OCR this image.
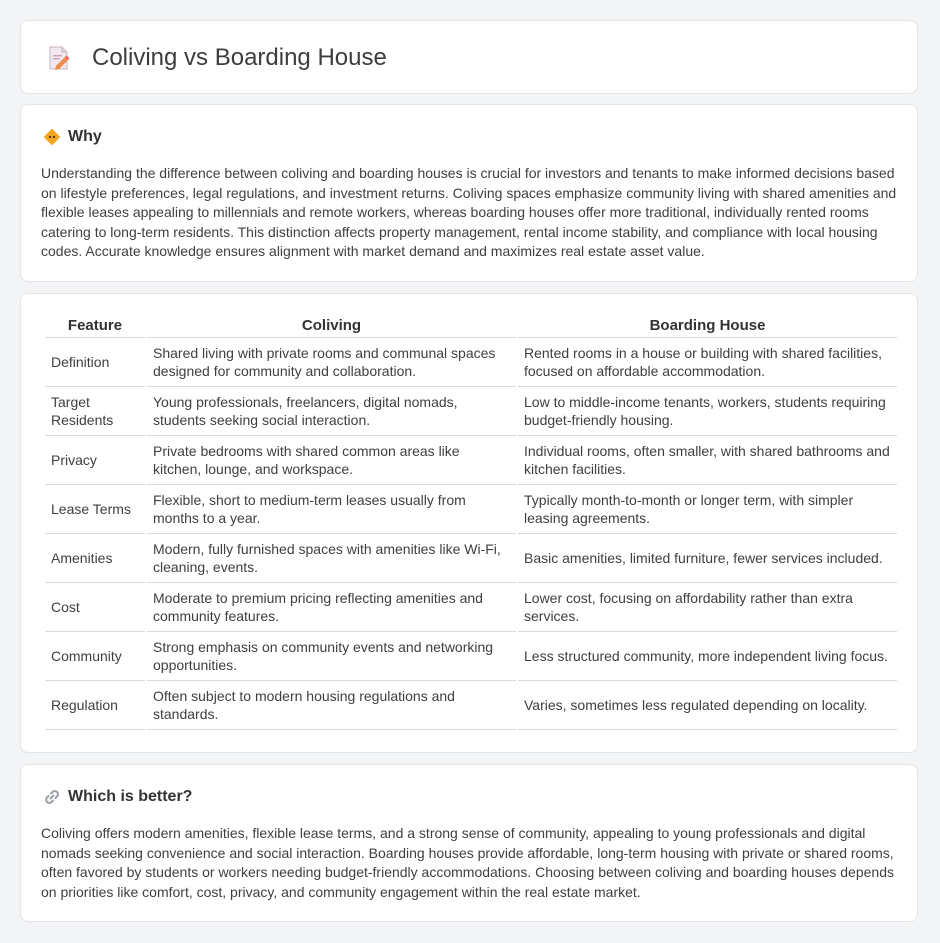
Coliving vs Boarding House
Why
Understanding the difference between coliving and boarding houses is crucial for investors and tenants to make informed decisions based on lifestyle preferences, legal regulations, and investment returns. Coliving spaces emphasize community living with shared amenities and flexible leases appealing to millennials and remote workers, whereas boarding houses offer more traditional, individually rented rooms catering to long-term residents. This distinction affects property management, rental income stability, and compliance with local housing codes. Accurate knowledge ensures alignment with market demand and maximizes real estate asset value.
Feature	Coliving	Boarding House
Definition	Shared living with private rooms and communal spaces designed for community and collaboration.	Rented rooms in a house or building with shared facilities, focused on affordable accommodation.
Target Residents	Young professionals, freelancers, digital nomads, students seeking social interaction.	Low to middle-income tenants, workers, students requiring budget-friendly housing.
Privacy	Private bedrooms with shared common areas like kitchen, lounge, and workspace.	Individual rooms, often smaller, with shared bathrooms and kitchen facilities.
Lease Terms	Flexible, short to medium-term leases usually from months to a year.	Typically month-to-month or longer term, with simpler leasing agreements.
Amenities	Modern, fully furnished spaces with amenities like Wi-Fi, cleaning, events.	Basic amenities, limited furniture, fewer services included.
Cost	Moderate to premium pricing reflecting amenities and community features.	Lower cost, focusing on affordability rather than extra services.
Community	Strong emphasis on community events and networking opportunities.	Less structured community, more independent living focus.
Regulation	Often subject to modern housing regulations and standards.	Varies, sometimes less regulated depending on locality.
Which is better?
Coliving offers modern amenities, flexible lease terms, and a strong sense of community, appealing to young professionals and digital nomads seeking convenience and social interaction. Boarding houses provide affordable, long-term housing with private or shared rooms, often favored by students or workers needing budget-friendly accommodations. Choosing between coliving and boarding houses depends on priorities like comfort, cost, privacy, and community engagement within the real estate market.
